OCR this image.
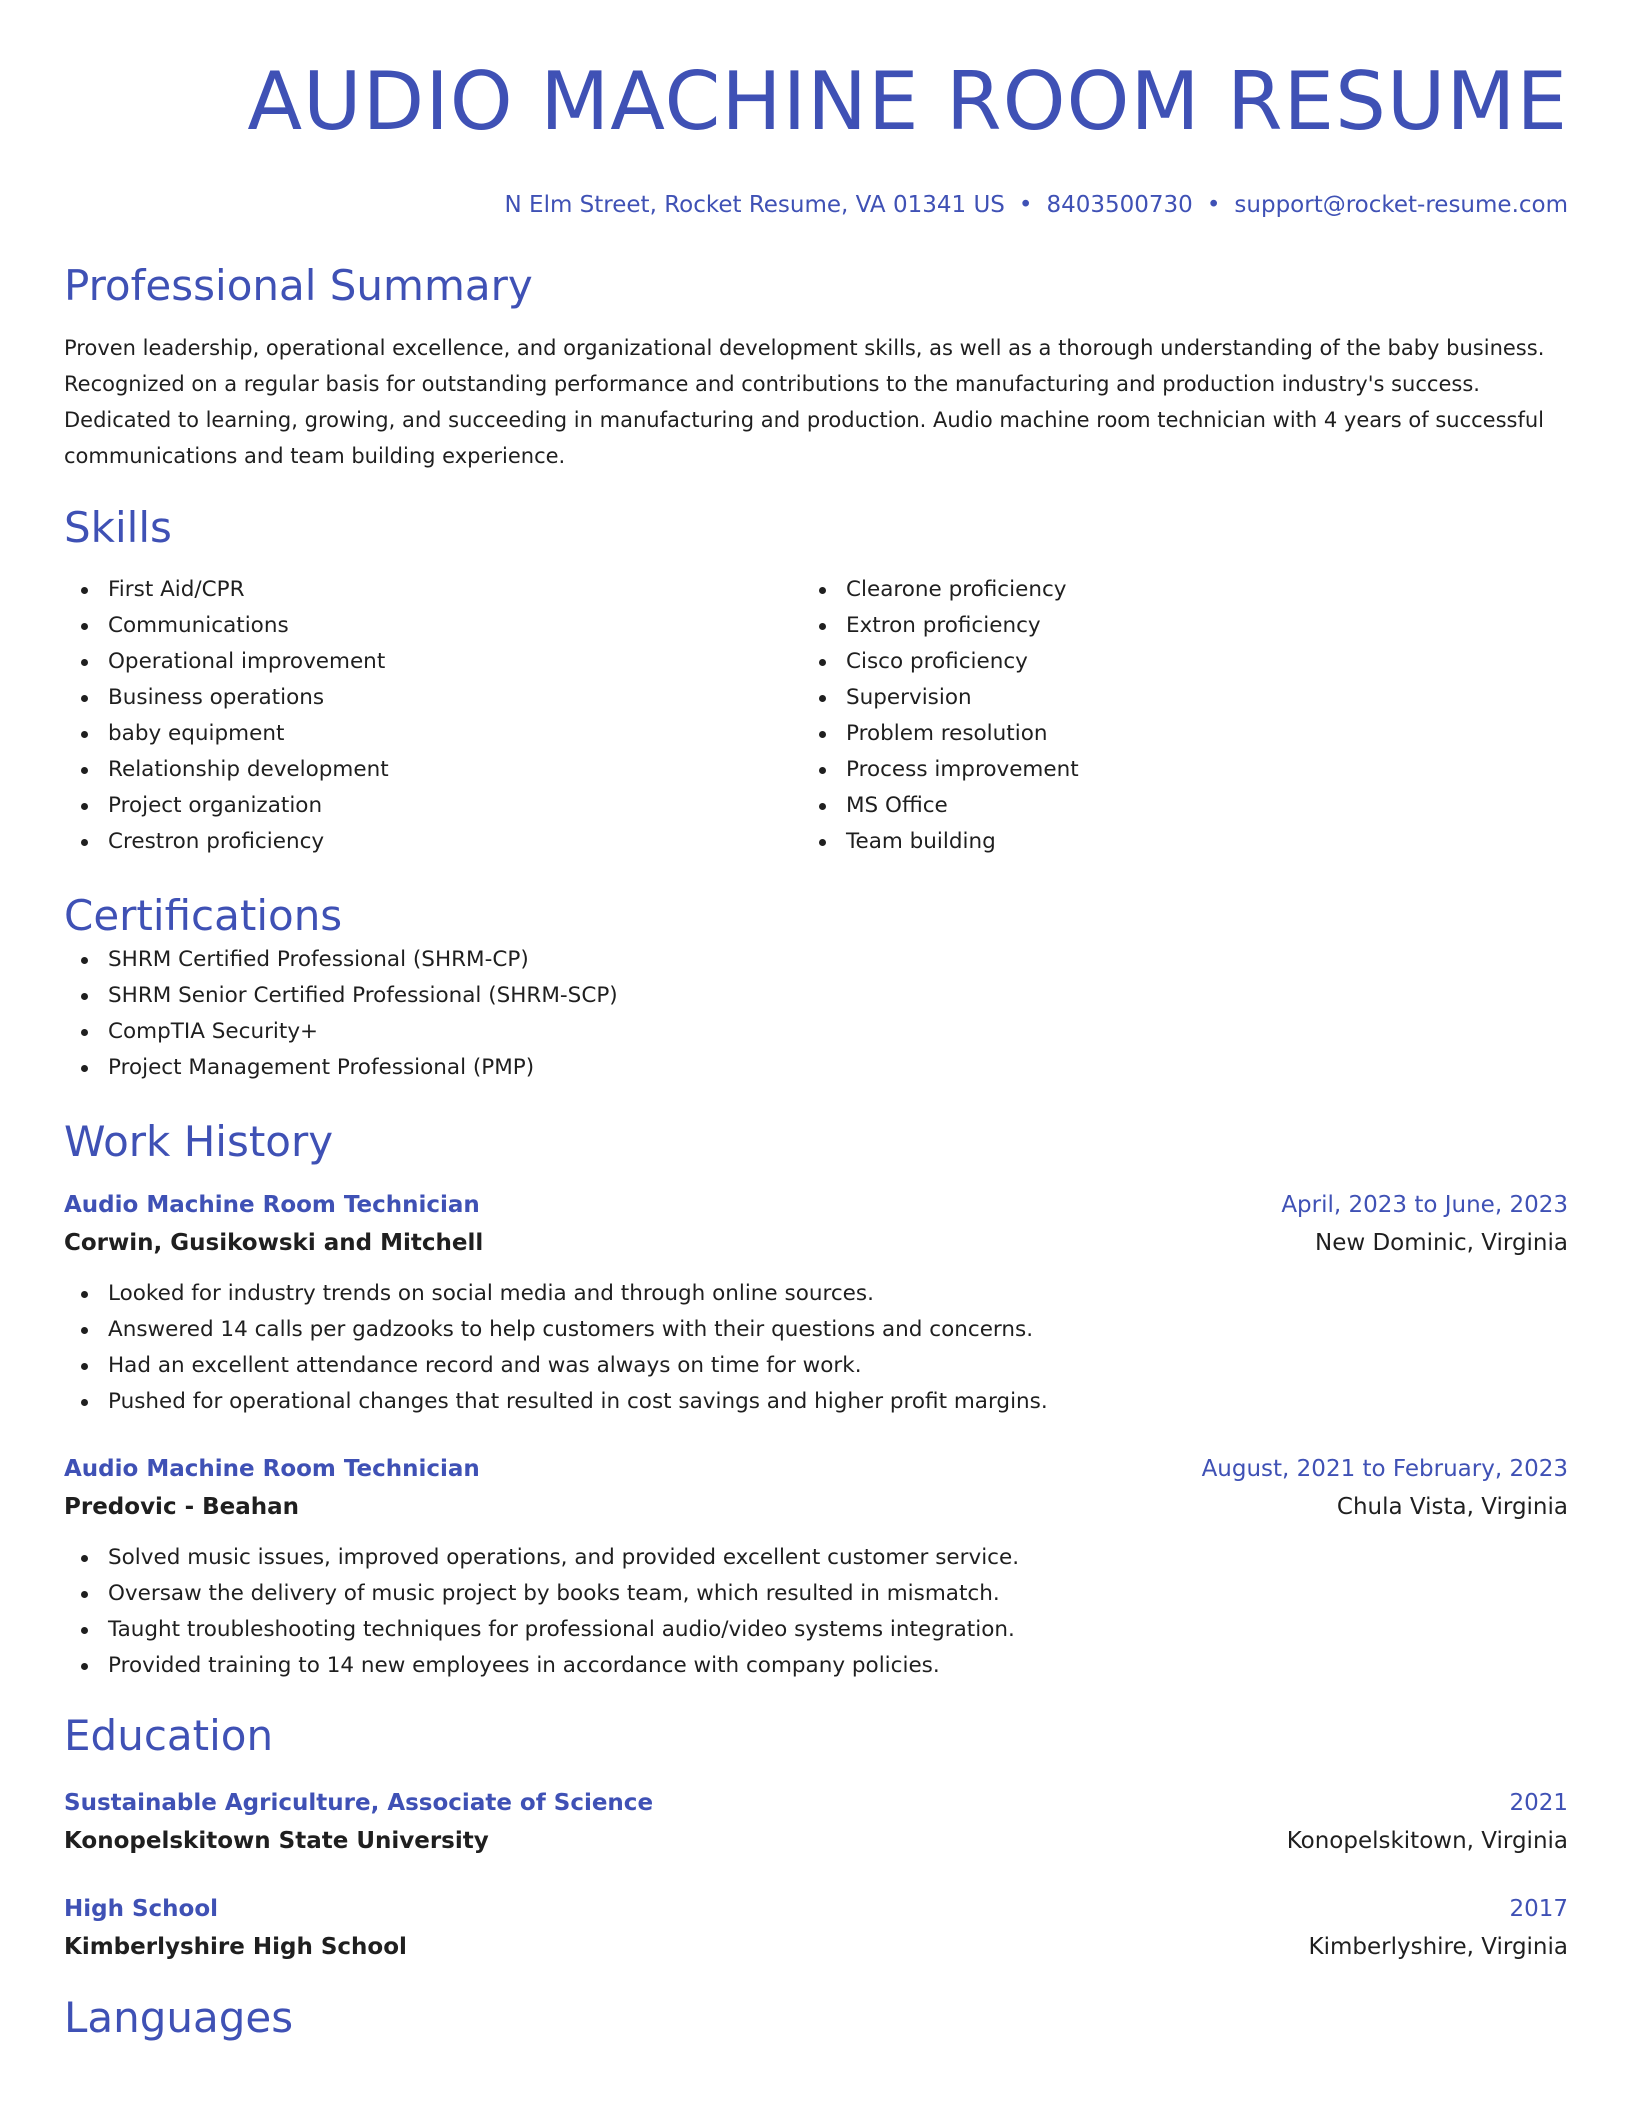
AUDIO MACHINE ROOM RESUME
N Elm Street, Rocket Resume, VA 01341 US • 8403500730 • support@rocket-resume.com
Professional Summary

Proven leadership, operational excellence, and organizational development skills, as well as a thorough understanding of the baby business. Recognized on a regular basis for outstanding performance and contributions to the manufacturing and production industry's success. Dedicated to learning, growing, and succeeding in manufacturing and production. Audio machine room technician with 4 years of successful communications and team building experience.

Skills
First Aid/CPR
Communications
Operational improvement
Business operations
baby equipment
Relationship development
Project organization
Crestron proficiency
Clearone proficiency
Extron proficiency
Cisco proficiency
Supervision
Problem resolution
Process improvement
MS Office
Team building
Certifications
SHRM Certified Professional (SHRM-CP)
SHRM Senior Certified Professional (SHRM-SCP)
CompTIA Security+
Project Management Professional (PMP)
Work History
Audio Machine Room Technician	April, 2023 to June, 2023
Corwin, Gusikowski and Mitchell	New Dominic, Virginia
Looked for industry trends on social media and through online sources.
Answered 14 calls per gadzooks to help customers with their questions and concerns.
Had an excellent attendance record and was always on time for work.
Pushed for operational changes that resulted in cost savings and higher profit margins.
Audio Machine Room Technician	August, 2021 to February, 2023
Predovic - Beahan	Chula Vista, Virginia
Solved music issues, improved operations, and provided excellent customer service.
Oversaw the delivery of music project by books team, which resulted in mismatch.
Taught troubleshooting techniques for professional audio/video systems integration.
Provided training to 14 new employees in accordance with company policies.
Education
Sustainable Agriculture, Associate of Science	2021
Konopelskitown State University	Konopelskitown, Virginia
High School	2017
Kimberlyshire High School	Kimberlyshire, Virginia
Languages
